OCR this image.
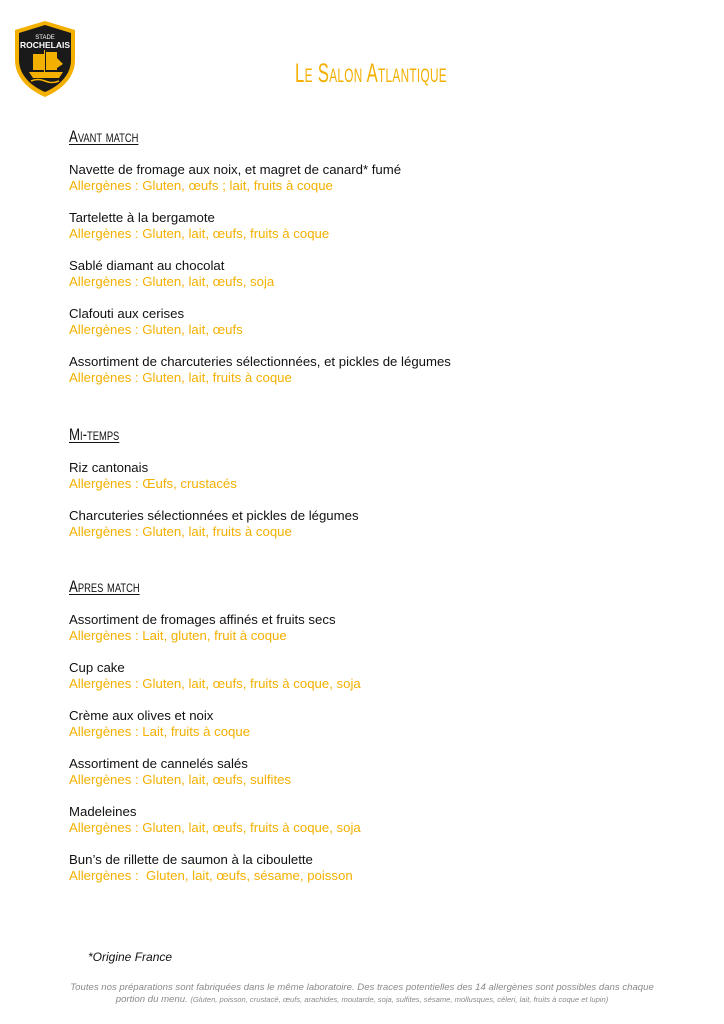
STADE
ROCHELAIS
Le Salon Atlantique
Avant match
Navette de fromage aux noix, et magret de canard* fumé
Allergènes : Gluten, œufs ; lait, fruits à coque
Tartelette à la bergamote
Allergènes : Gluten, lait, œufs, fruits à coque
Sablé diamant au chocolat
Allergènes : Gluten, lait, œufs, soja
Clafouti aux cerises
Allergènes : Gluten, lait, œufs
Assortiment de charcuteries sélectionnées, et pickles de légumes
Allergènes : Gluten, lait, fruits à coque
Mi-temps
Riz cantonais
Allergènes : Œufs, crustacés
Charcuteries sélectionnées et pickles de légumes
Allergènes : Gluten, lait, fruits à coque
Apres match
Assortiment de fromages affinés et fruits secs
Allergènes : Lait, gluten, fruit à coque
Cup cake
Allergènes : Gluten, lait, œufs, fruits à coque, soja
Crème aux olives et noix
Allergènes : Lait, fruits à coque
Assortiment de cannelés salés
Allergènes : Gluten, lait, œufs, sulfites
Madeleines
Allergènes : Gluten, lait, œufs, fruits à coque, soja
Bun’s de rillette de saumon à la ciboulette
Allergènes :  Gluten, lait, œufs, sésame, poisson
*Origine France
Toutes nos préparations sont fabriquées dans le même laboratoire. Des traces potentielles des 14 allergènes sont possibles dans chaque portion du menu. (Gluten, poisson, crustacé, œufs, arachides, moutarde, soja, sulfites, sésame, mollusques, céleri, lait, fruits à coque et lupin)
